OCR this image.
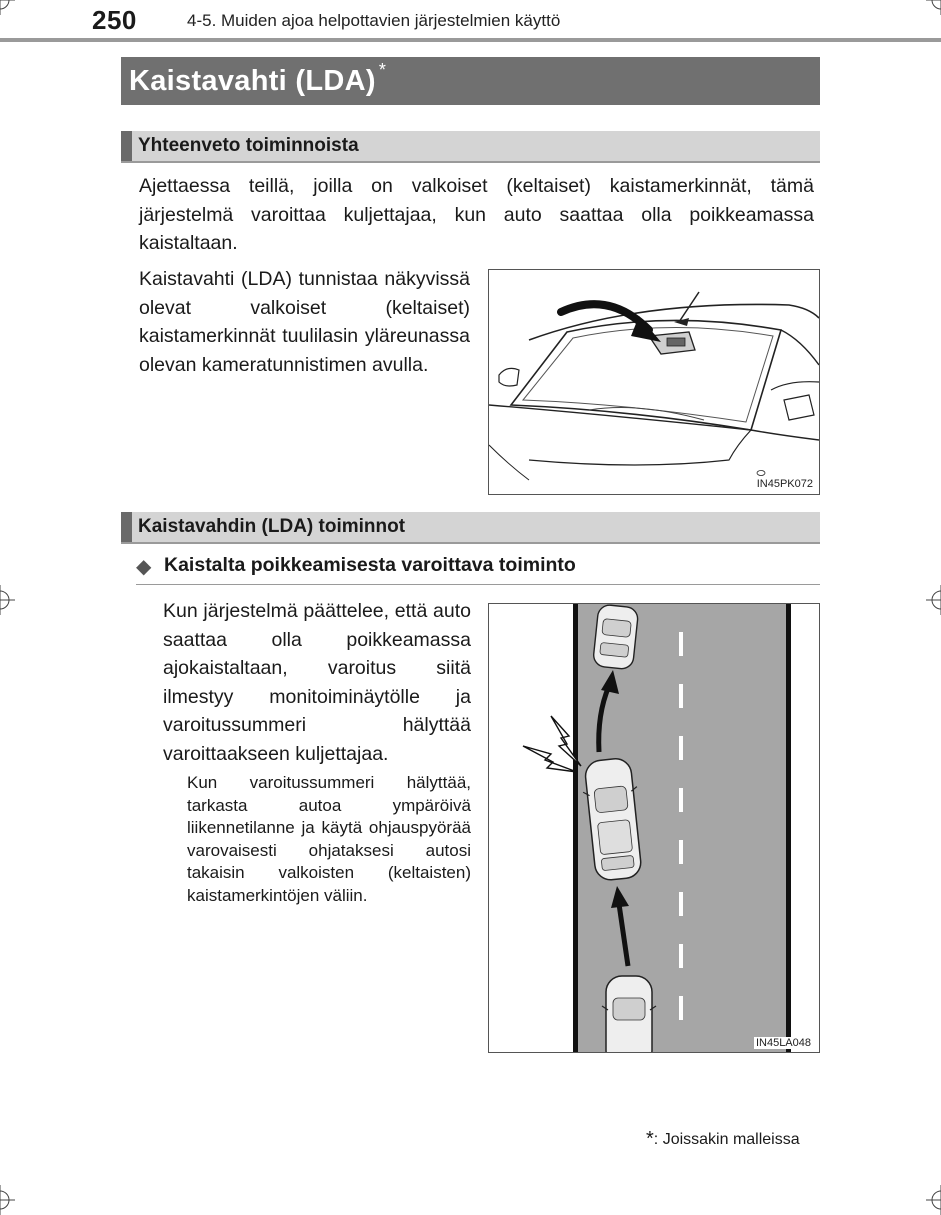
250	4-5. Muiden ajoa helpottavien järjestelmien käyttö
Kaistavahti (LDA) *
Yhteenveto toiminnoista
Ajettaessa teillä, joilla on valkoiset (keltaiset) kaistamerkinnät, tämä järjestelmä varoittaa kuljettajaa, kun auto saattaa olla poikkeamassa kaistaltaan.
Kaistavahti (LDA) tunnistaa näkyvissä olevat valkoiset (keltaiset) kaistamerkinnät tuulilasin yläreunassa olevan kameratunnistimen avulla.
IN45PK072
Kaistavahdin (LDA) toiminnot
◆ Kaistalta poikkeamisesta varoittava toiminto
Kun järjestelmä päättelee, että auto saattaa olla poikkeamassa ajokaistaltaan, varoitus siitä ilmestyy monitoiminäytölle ja varoitussummeri hälyttää varoittaakseen kuljettajaa.
Kun varoitussummeri hälyttää, tarkasta autoa ympäröivä liikennetilanne ja käytä ohjauspyörää varovaisesti ohjataksesi autosi takaisin valkoisten (keltaisten) kaistamerkintöjen väliin.
IN45LA048
*: Joissakin malleissa
